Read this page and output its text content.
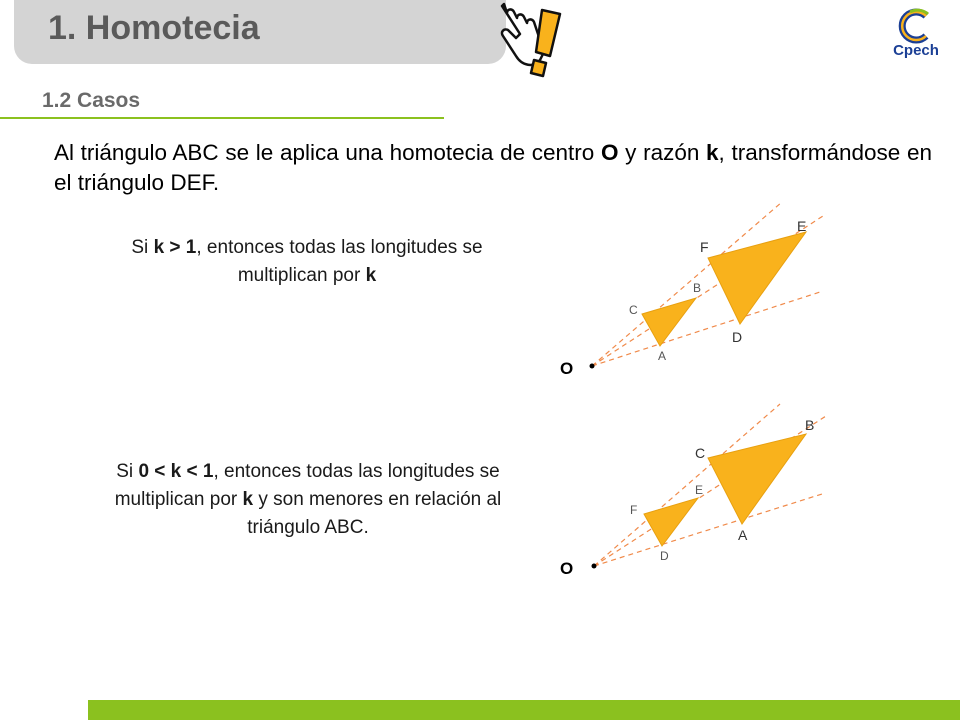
1. Homotecia
Cpech
1.2 Casos
Al triángulo ABC se le aplica una homotecia de centro O y razón k, transformándose en el triángulo DEF.
Si k > 1, entonces todas las longitudes se multiplican por k
O
A
B
C
D
E
F
Si 0 < k < 1, entonces todas las longitudes se multiplican por k y son menores en relación al triángulo ABC.
O
D
E
F
A
B
C
